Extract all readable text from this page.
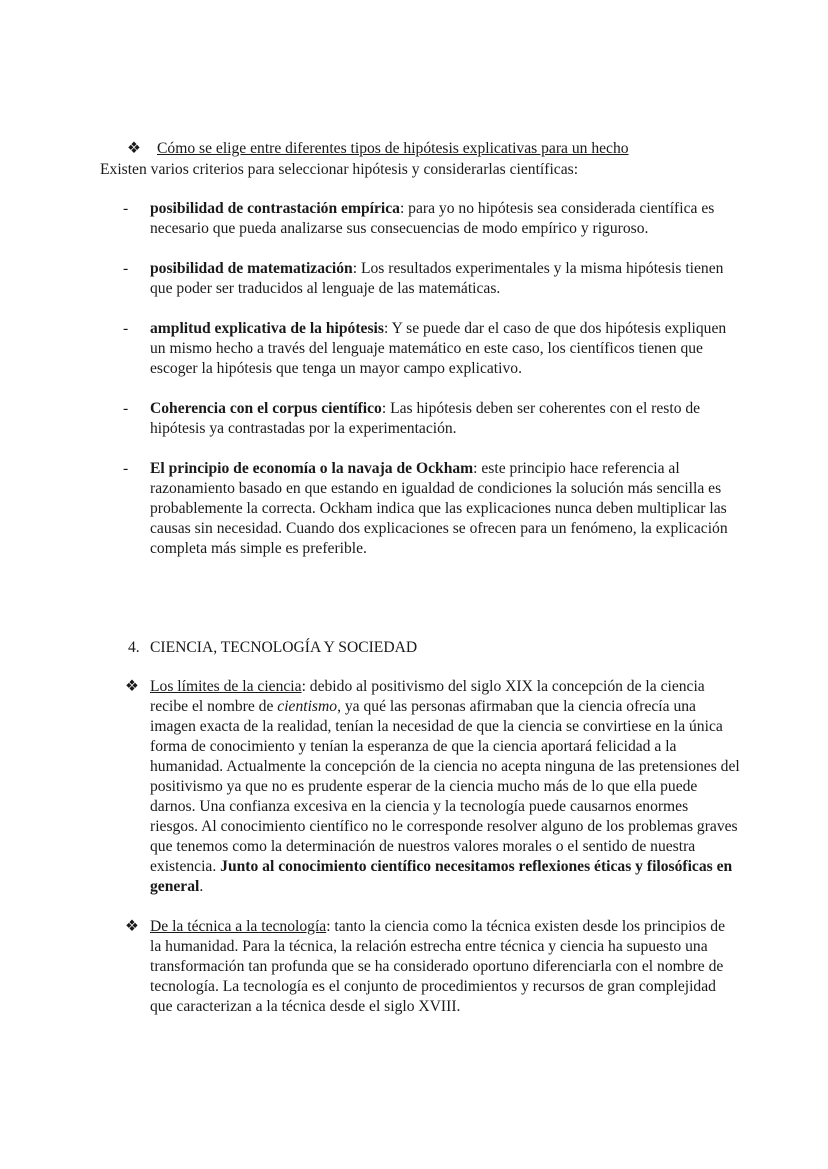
❖ Cómo se elige entre diferentes tipos de hipótesis explicativas para un hecho
Existen varios criterios para seleccionar hipótesis y considerarlas científicas:
- posibilidad de contrastación empírica: para yo no hipótesis sea considerada científica es necesario que pueda analizarse sus consecuencias de modo empírico y riguroso.
- posibilidad de matematización: Los resultados experimentales y la misma hipótesis tienen que poder ser traducidos al lenguaje de las matemáticas.
- amplitud explicativa de la hipótesis: Y se puede dar el caso de que dos hipótesis expliquen un mismo hecho a través del lenguaje matemático en este caso, los científicos tienen que escoger la hipótesis que tenga un mayor campo explicativo.
- Coherencia con el corpus científico: Las hipótesis deben ser coherentes con el resto de hipótesis ya contrastadas por la experimentación.
- El principio de economía o la navaja de Ockham: este principio hace referencia al razonamiento basado en que estando en igualdad de condiciones la solución más sencilla es probablemente la correcta. Ockham indica que las explicaciones nunca deben multiplicar las causas sin necesidad. Cuando dos explicaciones se ofrecen para un fenómeno, la explicación completa más simple es preferible.
4. CIENCIA, TECNOLOGÍA Y SOCIEDAD
❖ Los límites de la ciencia: debido al positivismo del siglo XIX la concepción de la ciencia recibe el nombre de cientismo, ya qué las personas afirmaban que la ciencia ofrecía una imagen exacta de la realidad, tenían la necesidad de que la ciencia se convirtiese en la única forma de conocimiento y tenían la esperanza de que la ciencia aportará felicidad a la humanidad. Actualmente la concepción de la ciencia no acepta ninguna de las pretensiones del positivismo ya que no es prudente esperar de la ciencia mucho más de lo que ella puede darnos. Una confianza excesiva en la ciencia y la tecnología puede causarnos enormes riesgos. Al conocimiento científico no le corresponde resolver alguno de los problemas graves que tenemos como la determinación de nuestros valores morales o el sentido de nuestra existencia. Junto al conocimiento científico necesitamos reflexiones éticas y filosóficas en general.
❖ De la técnica a la tecnología: tanto la ciencia como la técnica existen desde los principios de la humanidad. Para la técnica, la relación estrecha entre técnica y ciencia ha supuesto una transformación tan profunda que se ha considerado oportuno diferenciarla con el nombre de tecnología. La tecnología es el conjunto de procedimientos y recursos de gran complejidad que caracterizan a la técnica desde el siglo XVIII.
